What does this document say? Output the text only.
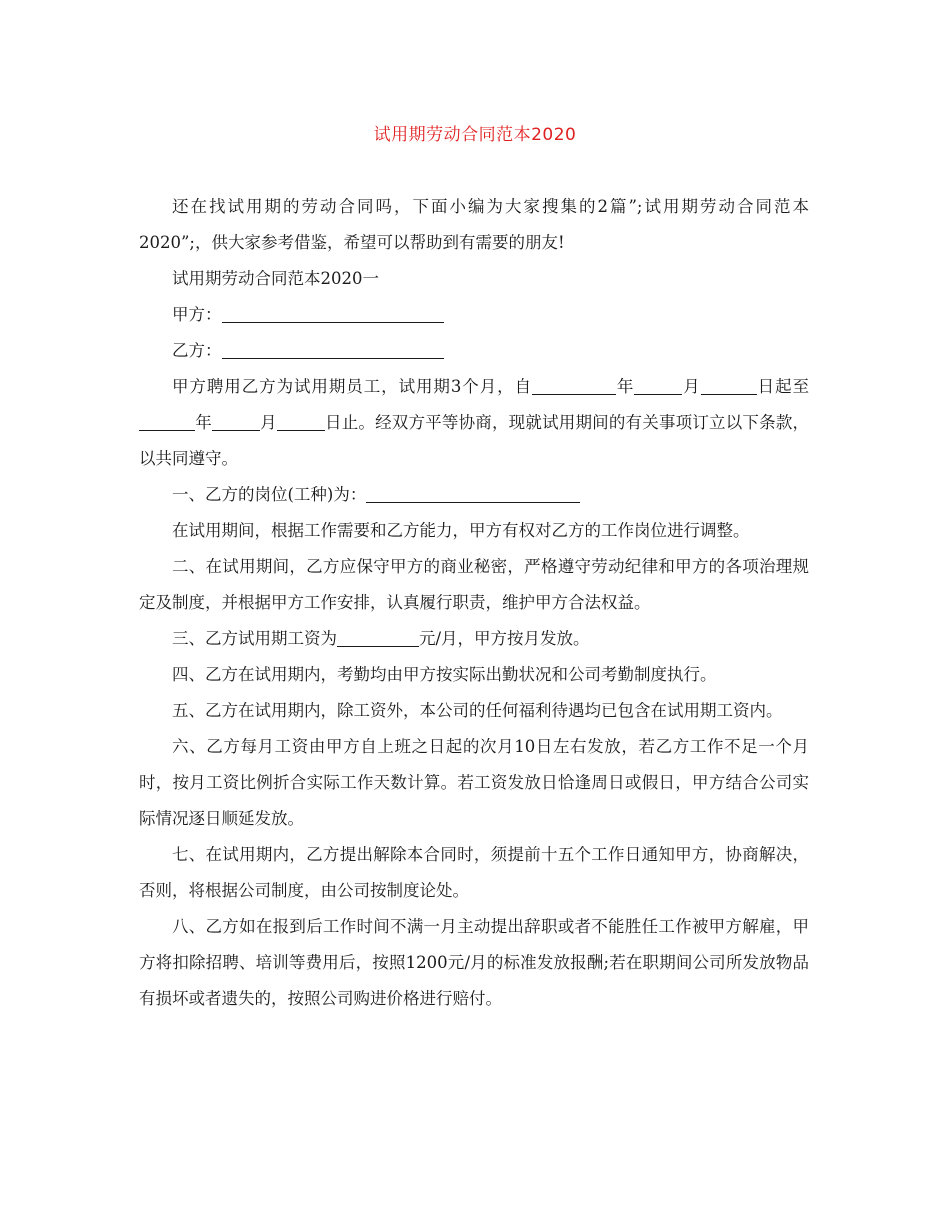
试用期劳动合同范本2020

还在找试用期的劳动合同吗，下面小编为大家搜集的2篇”;试用期劳动合同范本2020”;，供大家参考借鉴，希望可以帮助到有需要的朋友!

试用期劳动合同范本2020一

甲方：

乙方：

甲方聘用乙方为试用期员工，试用期3个月，自	年	月	日起至年	月	日止。经双方平等协商，现就试用期间的有关事项订立以下条款，以共同遵守。

一、乙方的岗位(工种)为：

在试用期间，根据工作需要和乙方能力，甲方有权对乙方的工作岗位进行调整。

二、在试用期间，乙方应保守甲方的商业秘密，严格遵守劳动纪律和甲方的各项治理规定及制度，并根据甲方工作安排，认真履行职责，维护甲方合法权益。

三、乙方试用期工资为	元/月，甲方按月发放。

四、乙方在试用期内，考勤均由甲方按实际出勤状况和公司考勤制度执行。

五、乙方在试用期内，除工资外，本公司的任何福利待遇均已包含在试用期工资内。

六、乙方每月工资由甲方自上班之日起的次月10日左右发放，若乙方工作不足一个月时，按月工资比例折合实际工作天数计算。若工资发放日恰逢周日或假日，甲方结合公司实际情况逐日顺延发放。

七、在试用期内，乙方提出解除本合同时，须提前十五个工作日通知甲方，协商解决，否则，将根据公司制度，由公司按制度论处。

八、乙方如在报到后工作时间不满一月主动提出辞职或者不能胜任工作被甲方解雇，甲方将扣除招聘、培训等费用后，按照1200元/月的标准发放报酬;若在职期间公司所发放物品有损坏或者遗失的，按照公司购进价格进行赔付。
